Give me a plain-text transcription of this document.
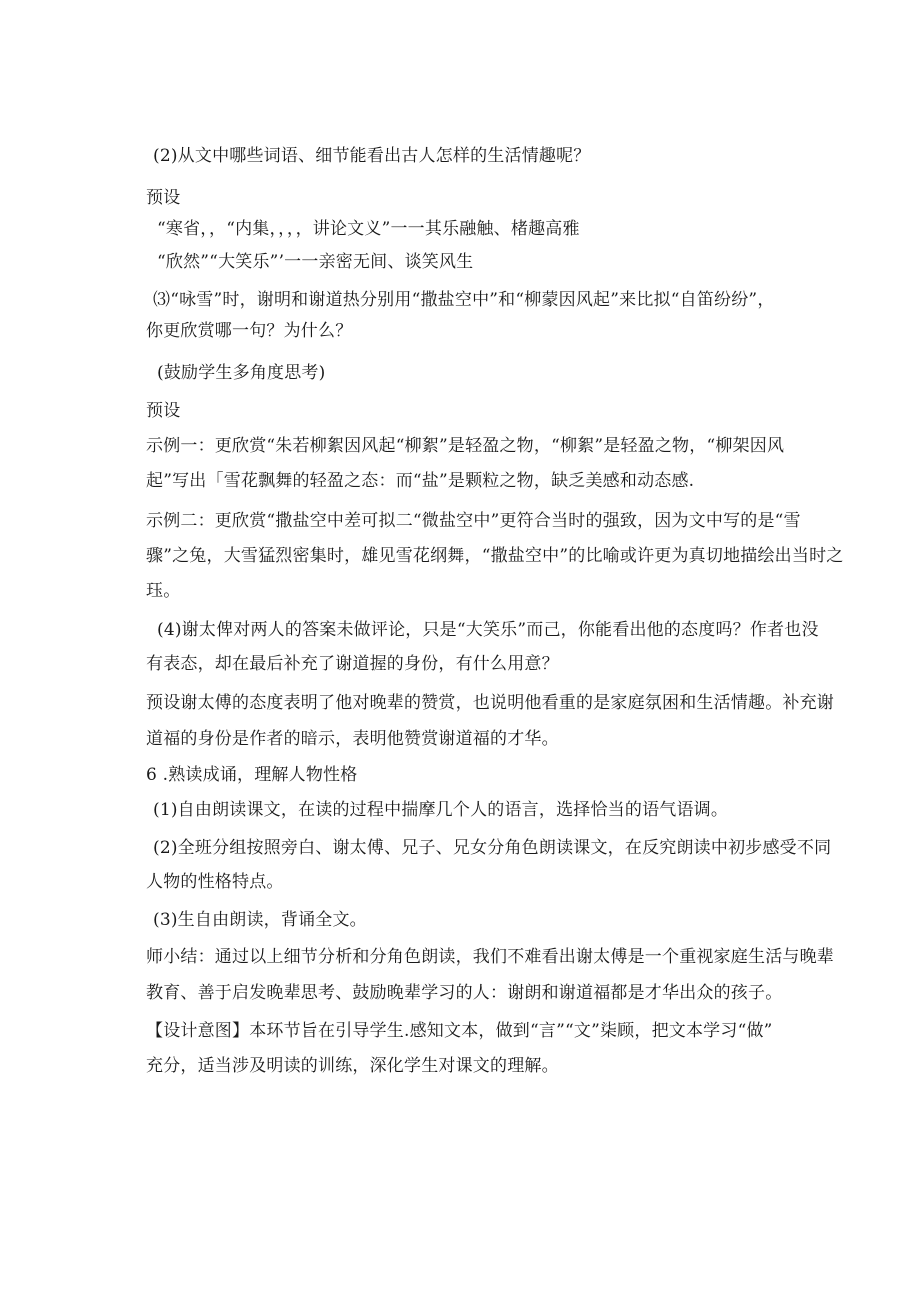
(2)从文中哪些词语、细节能看出古人怎样的生活情趣呢？
预设
“寒省，，“内集，，，，讲论文义”一一其乐融触、楮趣高雅
“欣然”“大笑乐”’一一亲密无间、谈笑风生
⑶“咏雪”时，谢明和谢道热分别用“撒盐空中”和“柳蒙因风起”来比拟“自笛纷纷”，
你更欣赏哪一句？为什么？
(鼓励学生多角度思考)
预设
示例一：更欣赏“朱若柳絮因风起“柳絮”是轻盈之物，“柳絮”是轻盈之物，“柳架因风
起”写出「雪花飘舞的轻盈之态：而“盐”是颗粒之物，缺乏美感和动态感.
示例二：更欣赏“撒盐空中差可拟二“微盐空中”更符合当时的强致，因为文中写的是“雪
骤”之兔，大雪猛烈密集时，雄见雪花纲舞，“撒盐空中”的比喻或许更为真切地描绘出当时之
珏。
(4)谢太俾对两人的答案未做评论，只是“大笑乐”而己，你能看出他的态度吗？作者也没
有表态，却在最后补充了谢道握的身份，有什么用意？
预设谢太傅的态度表明了他对晚辈的赞赏，也说明他看重的是家庭氛困和生活情趣。补充谢
道福的身份是作者的暗示，表明他赞赏谢道福的才华。
6 .熟读成诵，理解人物性格
(1)自由朗读课文，在读的过程中揣摩几个人的语言，选择恰当的语气语调。
(2)全班分组按照旁白、谢太傅、兄子、兄女分角色朗读课文，在反究朗读中初步感受不同
人物的性格特点。
(3)生自由朗读，背诵全文。
师小结：通过以上细节分析和分角色朗读，我们不难看出谢太傅是一个重视家庭生活与晚辈
教育、善于启发晚辈思考、鼓励晚辈学习的人：谢朗和谢道福都是才华出众的孩子。
【设计意图】本环节旨在引导学生.感知文本，做到“言”“文”柒顾，把文本学习“做”
充分，适当涉及明读的训练，深化学生对课文的理解。
